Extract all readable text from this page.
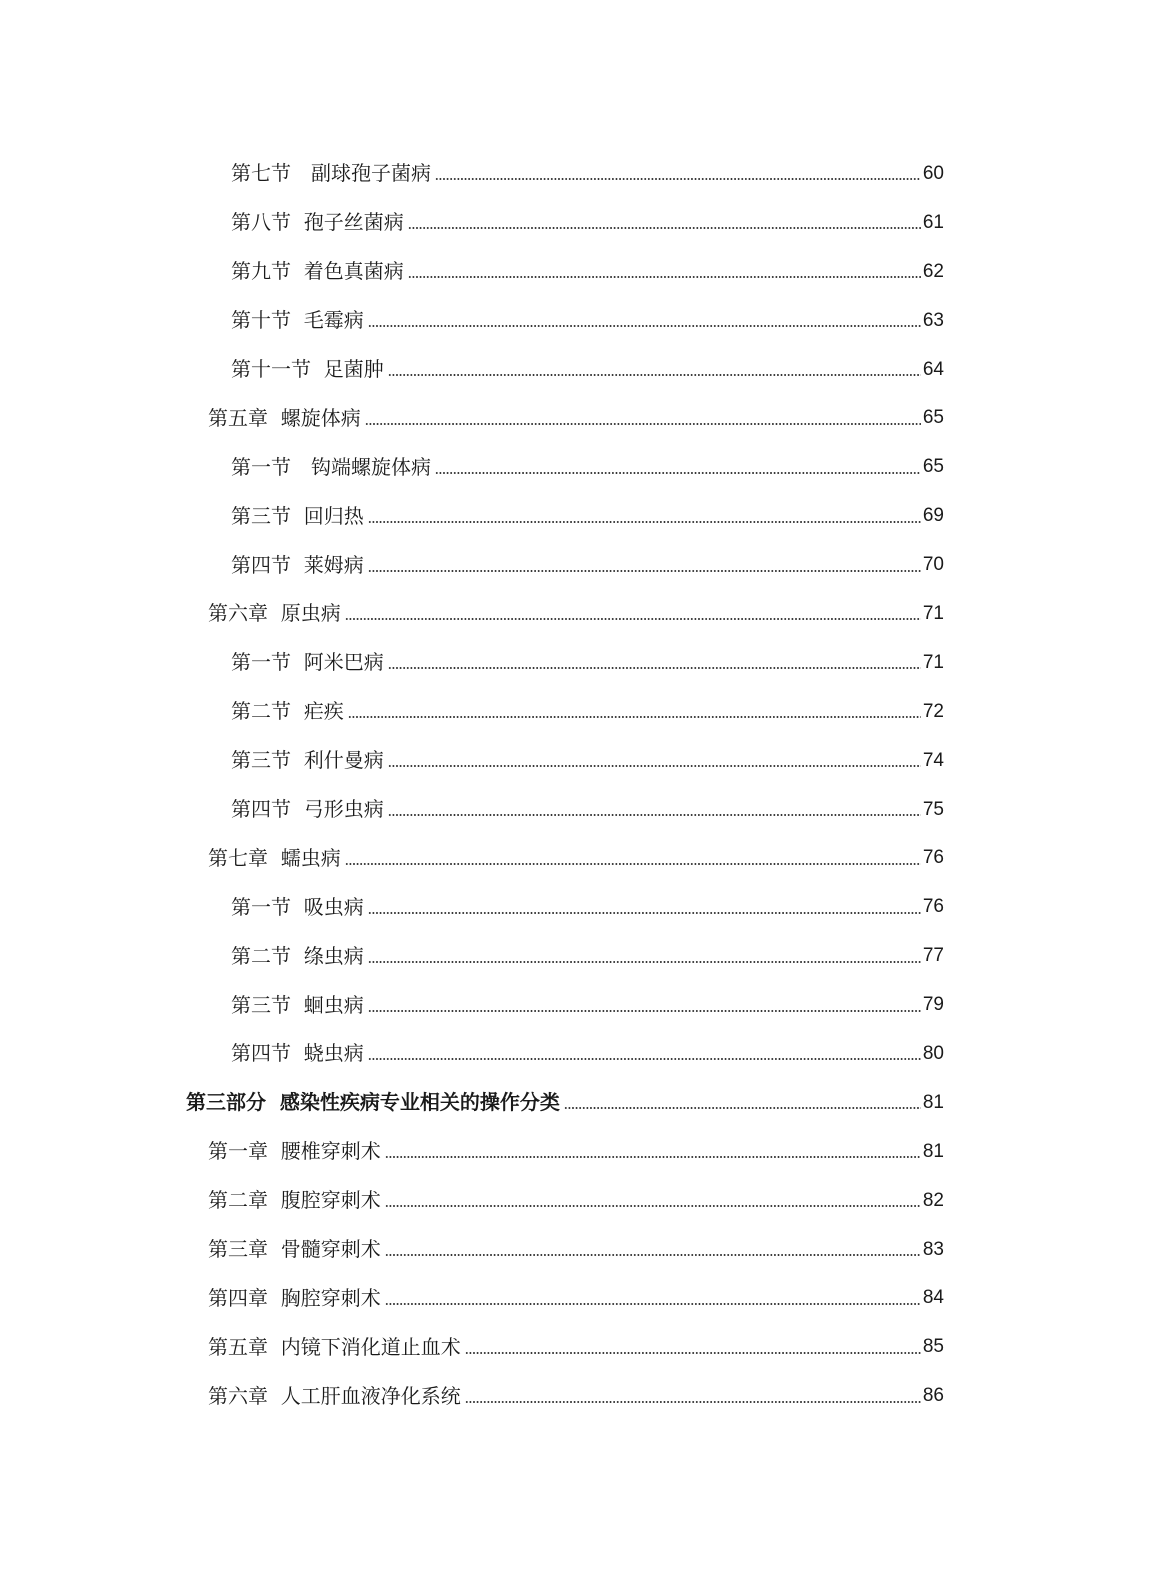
第七节　副球孢子菌病	60
第八节  孢子丝菌病	61
第九节  着色真菌病	62
第十节  毛霉病	63
第十一节  足菌肿	64
第五章  螺旋体病	65
第一节　钩端螺旋体病	65
第三节  回归热	69
第四节  莱姆病	70
第六章  原虫病	71
第一节  阿米巴病	71
第二节  疟疾	72
第三节  利什曼病	74
第四节  弓形虫病	75
第七章  蠕虫病	76
第一节  吸虫病	76
第二节  绦虫病	77
第三节  蛔虫病	79
第四节  蛲虫病	80
第三部分  感染性疾病专业相关的操作分类	81
第一章  腰椎穿刺术	81
第二章  腹腔穿刺术	82
第三章  骨髓穿刺术	83
第四章  胸腔穿刺术	84
第五章  内镜下消化道止血术	85
第六章  人工肝血液净化系统	86
